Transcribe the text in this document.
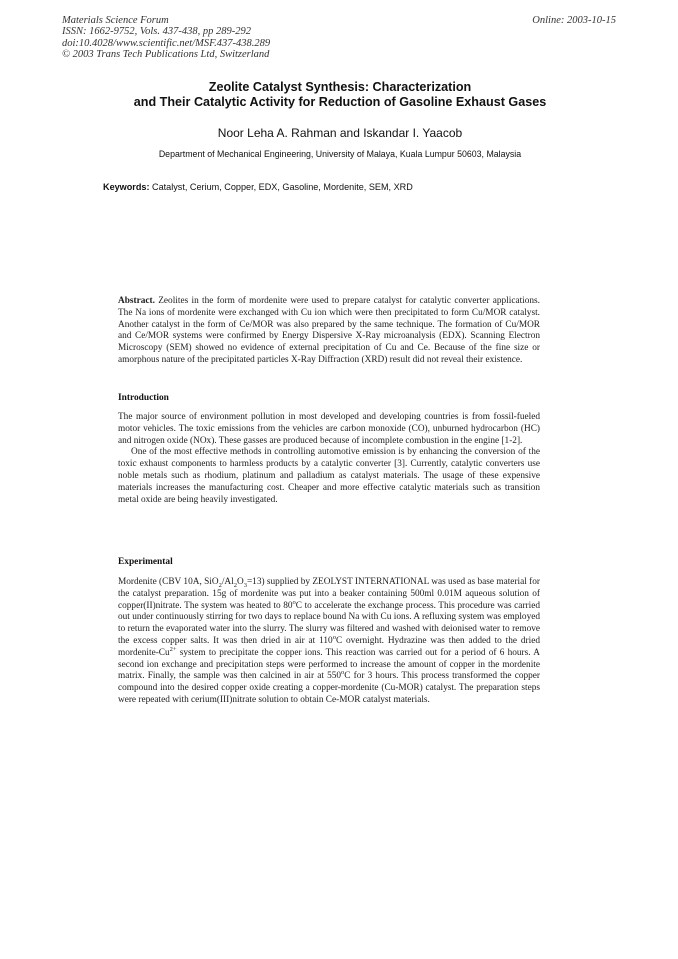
Materials Science Forum
ISSN: 1662-9752, Vols. 437-438, pp 289-292
doi:10.4028/www.scientific.net/MSF.437-438.289
© 2003 Trans Tech Publications Ltd, Switzerland
Online: 2003-10-15
Zeolite Catalyst Synthesis: Characterization
and Their Catalytic Activity for Reduction of Gasoline Exhaust Gases
Noor Leha A. Rahman and Iskandar I. Yaacob
Department of Mechanical Engineering, University of Malaya, Kuala Lumpur 50603, Malaysia
Keywords: Catalyst, Cerium, Copper, EDX, Gasoline, Mordenite, SEM, XRD

Abstract. Zeolites in the form of mordenite were used to prepare catalyst for catalytic converter applications. The Na ions of mordenite were exchanged with Cu ion which were then precipitated to form Cu/MOR catalyst. Another catalyst in the form of Ce/MOR was also prepared by the same technique. The formation of Cu/MOR and Ce/MOR systems were confirmed by Energy Dispersive X-Ray microanalysis (EDX). Scanning Electron Microscopy (SEM) showed no evidence of external precipitation of Cu and Ce. Because of the fine size or amorphous nature of the precipitated particles X-Ray Diffraction (XRD) result did not reveal their existence.

Introduction

The major source of environment pollution in most developed and developing countries is from fossil-fueled motor vehicles. The toxic emissions from the vehicles are carbon monoxide (CO), unburned hydrocarbon (HC) and nitrogen oxide (NOx). These gasses are produced because of incomplete combustion in the engine [1-2].

One of the most effective methods in controlling automotive emission is by enhancing the conversion of the toxic exhaust components to harmless products by a catalytic converter [3]. Currently, catalytic converters use noble metals such as rhodium, platinum and palladium as catalyst materials. The usage of these expensive materials increases the manufacturing cost. Cheaper and more effective catalytic materials such as transition metal oxide are being heavily investigated.

Experimental

Mordenite (CBV 10A, $SiO_2/Al_2O_3=13$) supplied by ZEOLYST INTERNATIONAL was used as base material for the catalyst preparation. 15g of mordenite was put into a beaker containing 500ml 0.01M aqueous solution of copper(II)nitrate. The system was heated to 80$^o$C to accelerate the exchange process. This procedure was carried out under continuously stirring for two days to replace bound Na with Cu ions. A refluxing system was employed to return the evaporated water into the slurry. The slurry was filtered and washed with deionised water to remove the excess copper salts. It was then dried in air at 110$^o$C overnight. Hydrazine was then added to the dried mordenite-$Cu^{2+}$ system to precipitate the copper ions. This reaction was carried out for a period of 6 hours. A second ion exchange and precipitation steps were performed to increase the amount of copper in the mordenite matrix. Finally, the sample was then calcined in air at 550$^o$C for 3 hours. This process transformed the copper compound into the desired copper oxide creating a copper-mordenite (Cu-MOR) catalyst. The preparation steps were repeated with cerium(III)nitrate solution to obtain Ce-MOR catalyst materials.
